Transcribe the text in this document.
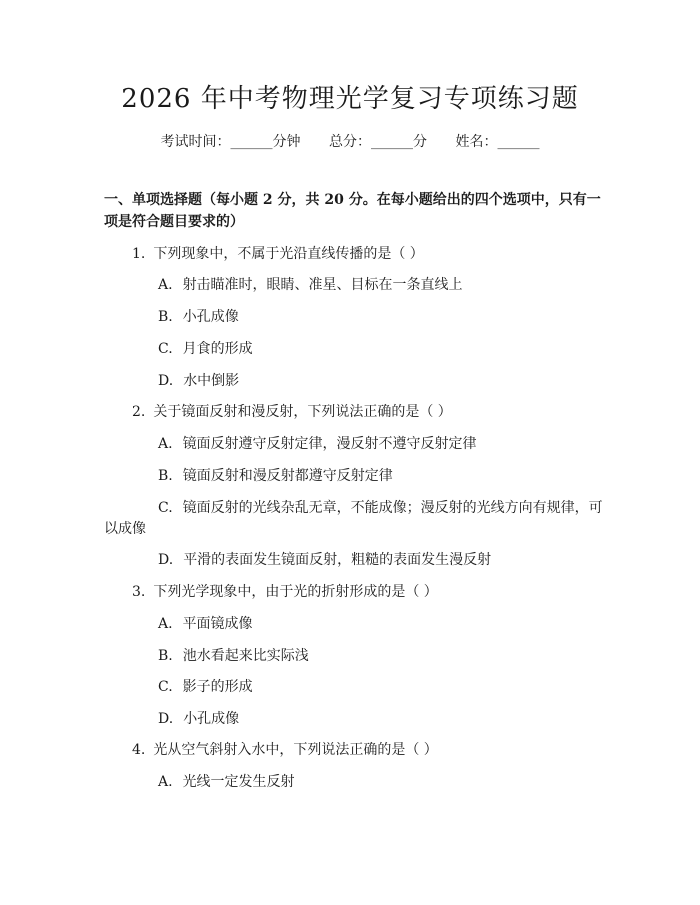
2026 年中考物理光学复习专项练习题
考试时间：______分钟 总分：______分 姓名：______
一、单项选择题（每小题 2 分，共 20 分。在每小题给出的四个选项中，只有一项是符合题目要求的）
1. 下列现象中，不属于光沿直线传播的是（ ）
A. 射击瞄准时，眼睛、准星、目标在一条直线上
B. 小孔成像
C. 月食的形成
D. 水中倒影
2. 关于镜面反射和漫反射，下列说法正确的是（ ）
A. 镜面反射遵守反射定律，漫反射不遵守反射定律
B. 镜面反射和漫反射都遵守反射定律
C. 镜面反射的光线杂乱无章，不能成像；漫反射的光线方向有规律，可
以成像
D. 平滑的表面发生镜面反射，粗糙的表面发生漫反射
3. 下列光学现象中，由于光的折射形成的是（ ）
A. 平面镜成像
B. 池水看起来比实际浅
C. 影子的形成
D. 小孔成像
4. 光从空气斜射入水中，下列说法正确的是（ ）
A. 光线一定发生反射
